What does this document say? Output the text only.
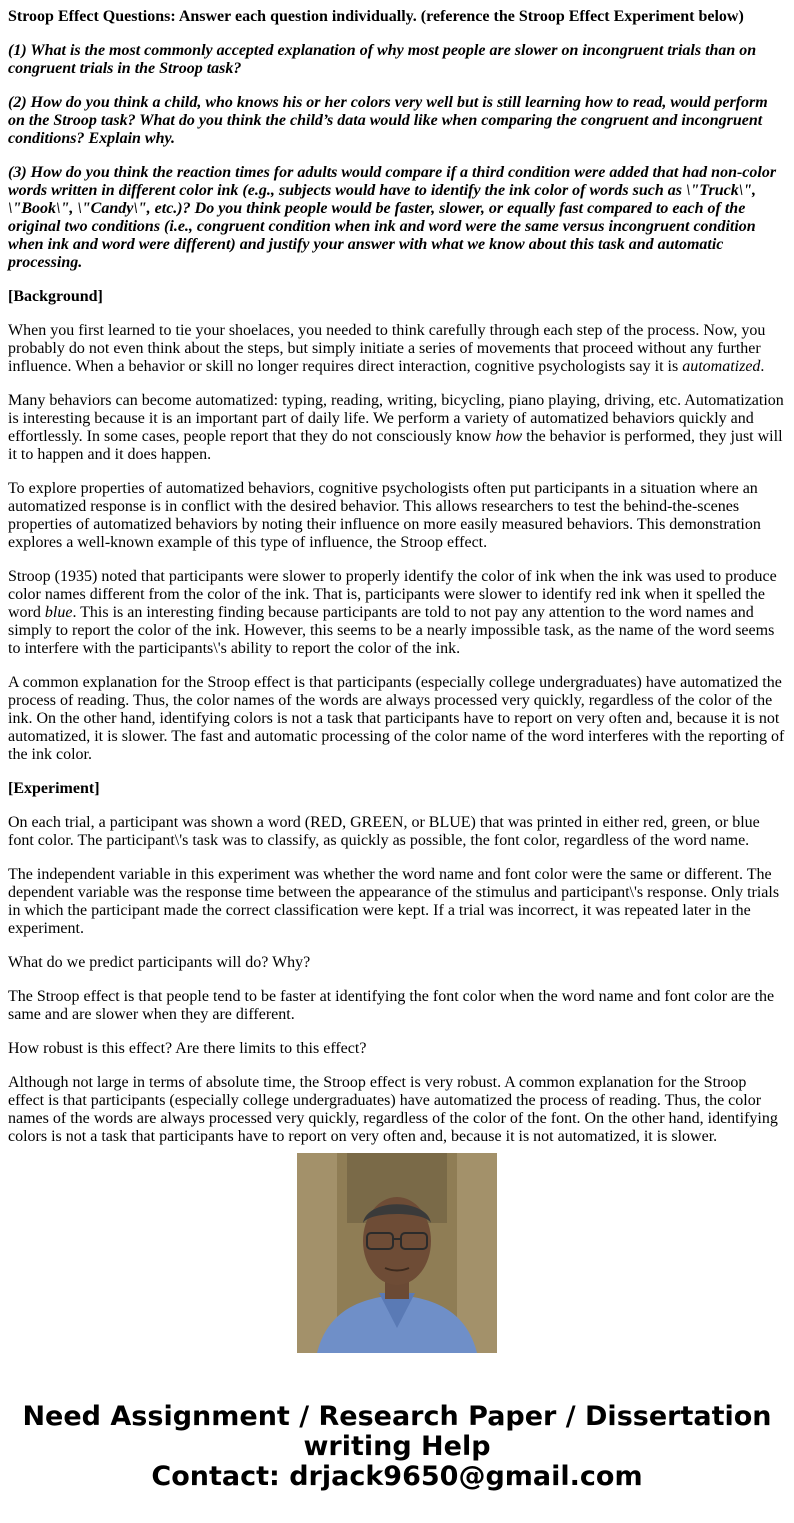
Stroop Effect Questions: Answer each question individually. (reference the Stroop Effect Experiment below)

(1) What is the most commonly accepted explanation of why most people are slower on incongruent trials than on congruent trials in the Stroop task?

(2) How do you think a child, who knows his or her colors very well but is still learning how to read, would perform on the Stroop task? What do you think the child’s data would like when comparing the congruent and incongruent conditions? Explain why.

(3) How do you think the reaction times for adults would compare if a third condition were added that had non-color words written in different color ink (e.g., subjects would have to identify the ink color of words such as \"Truck\", \"Book\", \"Candy\", etc.)? Do you think people would be faster, slower, or equally fast compared to each of the original two conditions (i.e., congruent condition when ink and word were the same versus incongruent condition when ink and word were different) and justify your answer with what we know about this task and automatic processing.

[Background]

When you first learned to tie your shoelaces, you needed to think carefully through each step of the process. Now, you probably do not even think about the steps, but simply initiate a series of movements that proceed without any further influence. When a behavior or skill no longer requires direct interaction, cognitive psychologists say it is automatized.

Many behaviors can become automatized: typing, reading, writing, bicycling, piano playing, driving, etc. Automatization is interesting because it is an important part of daily life. We perform a variety of automatized behaviors quickly and effortlessly. In some cases, people report that they do not consciously know how the behavior is performed, they just will it to happen and it does happen.

To explore properties of automatized behaviors, cognitive psychologists often put participants in a situation where an automatized response is in conflict with the desired behavior. This allows researchers to test the behind-the-scenes properties of automatized behaviors by noting their influence on more easily measured behaviors. This demonstration explores a well-known example of this type of influence, the Stroop effect.

Stroop (1935) noted that participants were slower to properly identify the color of ink when the ink was used to produce color names different from the color of the ink. That is, participants were slower to identify red ink when it spelled the word blue. This is an interesting finding because participants are told to not pay any attention to the word names and simply to report the color of the ink. However, this seems to be a nearly impossible task, as the name of the word seems to interfere with the participants\'s ability to report the color of the ink.

A common explanation for the Stroop effect is that participants (especially college undergraduates) have automatized the process of reading. Thus, the color names of the words are always processed very quickly, regardless of the color of the ink. On the other hand, identifying colors is not a task that participants have to report on very often and, because it is not automatized, it is slower. The fast and automatic processing of the color name of the word interferes with the reporting of the ink color.

[Experiment]

On each trial, a participant was shown a word (RED, GREEN, or BLUE) that was printed in either red, green, or blue font color. The participant\'s task was to classify, as quickly as possible, the font color, regardless of the word name.

The independent variable in this experiment was whether the word name and font color were the same or different. The dependent variable was the response time between the appearance of the stimulus and participant\'s response. Only trials in which the participant made the correct classification were kept. If a trial was incorrect, it was repeated later in the experiment.

What do we predict participants will do? Why?

The Stroop effect is that people tend to be faster at identifying the font color when the word name and font color are the same and are slower when they are different.

How robust is this effect? Are there limits to this effect?

Although not large in terms of absolute time, the Stroop effect is very robust. A common explanation for the Stroop effect is that participants (especially college undergraduates) have automatized the process of reading. Thus, the color names of the words are always processed very quickly, regardless of the color of the font. On the other hand, identifying colors is not a task that participants have to report on very often and, because it is not automatized, it is slower.

Need Assignment / Research Paper / Dissertation
writing Help
Contact: drjack9650@gmail.com
